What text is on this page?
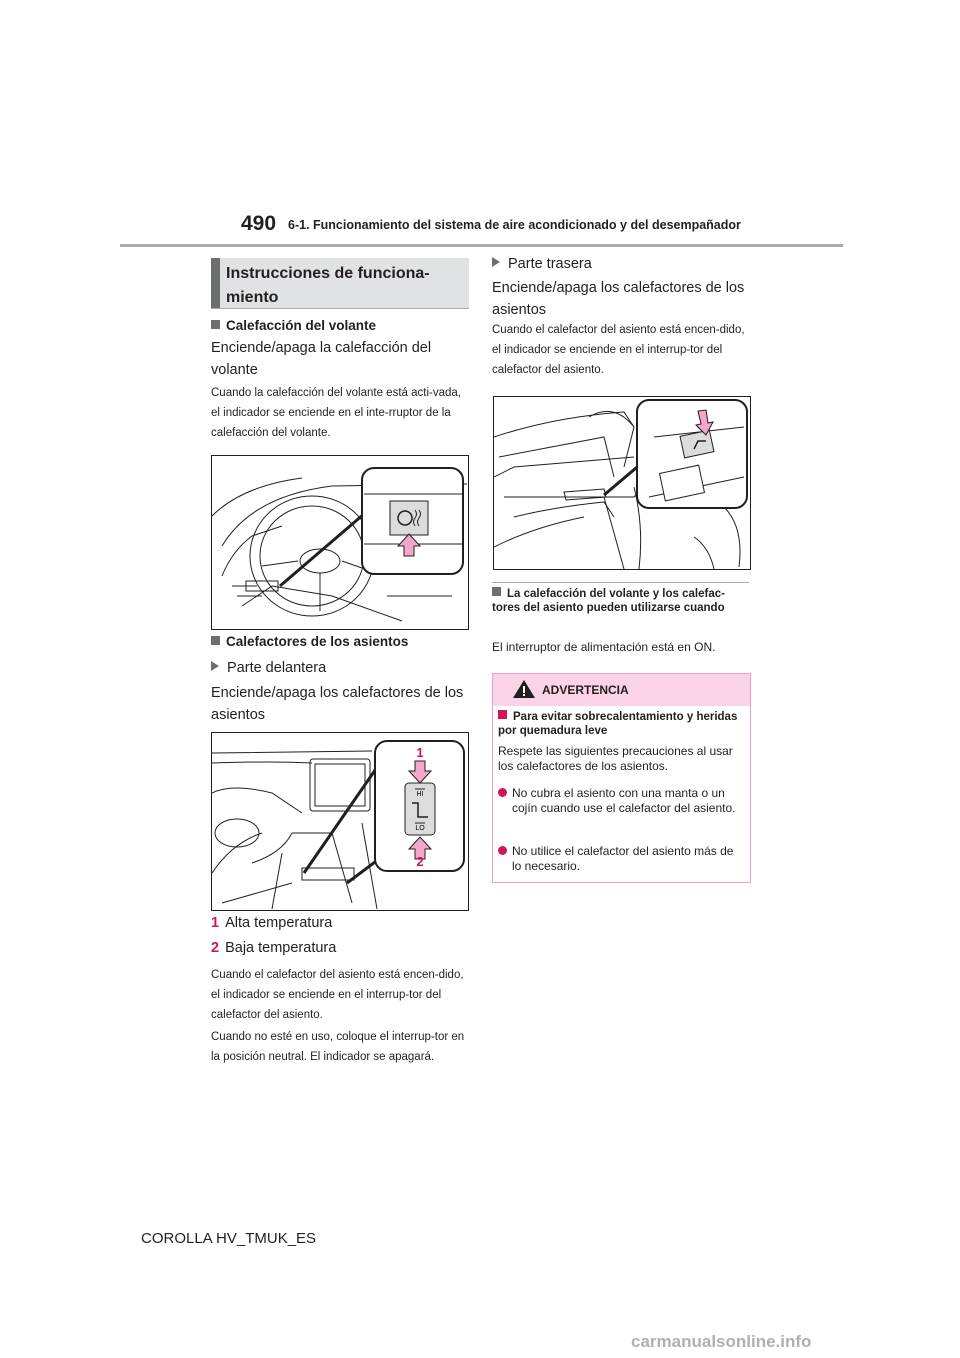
490 6-1. Funcionamiento del sistema de aire acondicionado y del desempañador
Instrucciones de funciona-miento
Calefacción del volante
Enciende/apaga la calefacción del volante
Cuando la calefacción del volante está acti-vada, el indicador se enciende en el inte-rruptor de la calefacción del volante.
Calefactores de los asientos
Parte delantera
Enciende/apaga los calefactores de los asientos
HI
LO
1
2
1 Alta temperatura
2 Baja temperatura
Cuando el calefactor del asiento está encen-dido, el indicador se enciende en el interrup-tor del calefactor del asiento.
Cuando no esté en uso, coloque el interrup-tor en la posición neutral. El indicador se apagará.
Parte trasera
Enciende/apaga los calefactores de los asientos
Cuando el calefactor del asiento está encen-dido, el indicador se enciende en el interrup-tor del calefactor del asiento.
La calefacción del volante y los calefac-tores del asiento pueden utilizarse cuando
El interruptor de alimentación está en ON.
ADVERTENCIA
Para evitar sobrecalentamiento y heridas por quemadura leve
Respete las siguientes precauciones al usar los calefactores de los asientos.
No cubra el asiento con una manta o un cojín cuando use el calefactor del asiento.
No utilice el calefactor del asiento más de lo necesario.
COROLLA HV_TMUK_ES
carmanualsonline.info
